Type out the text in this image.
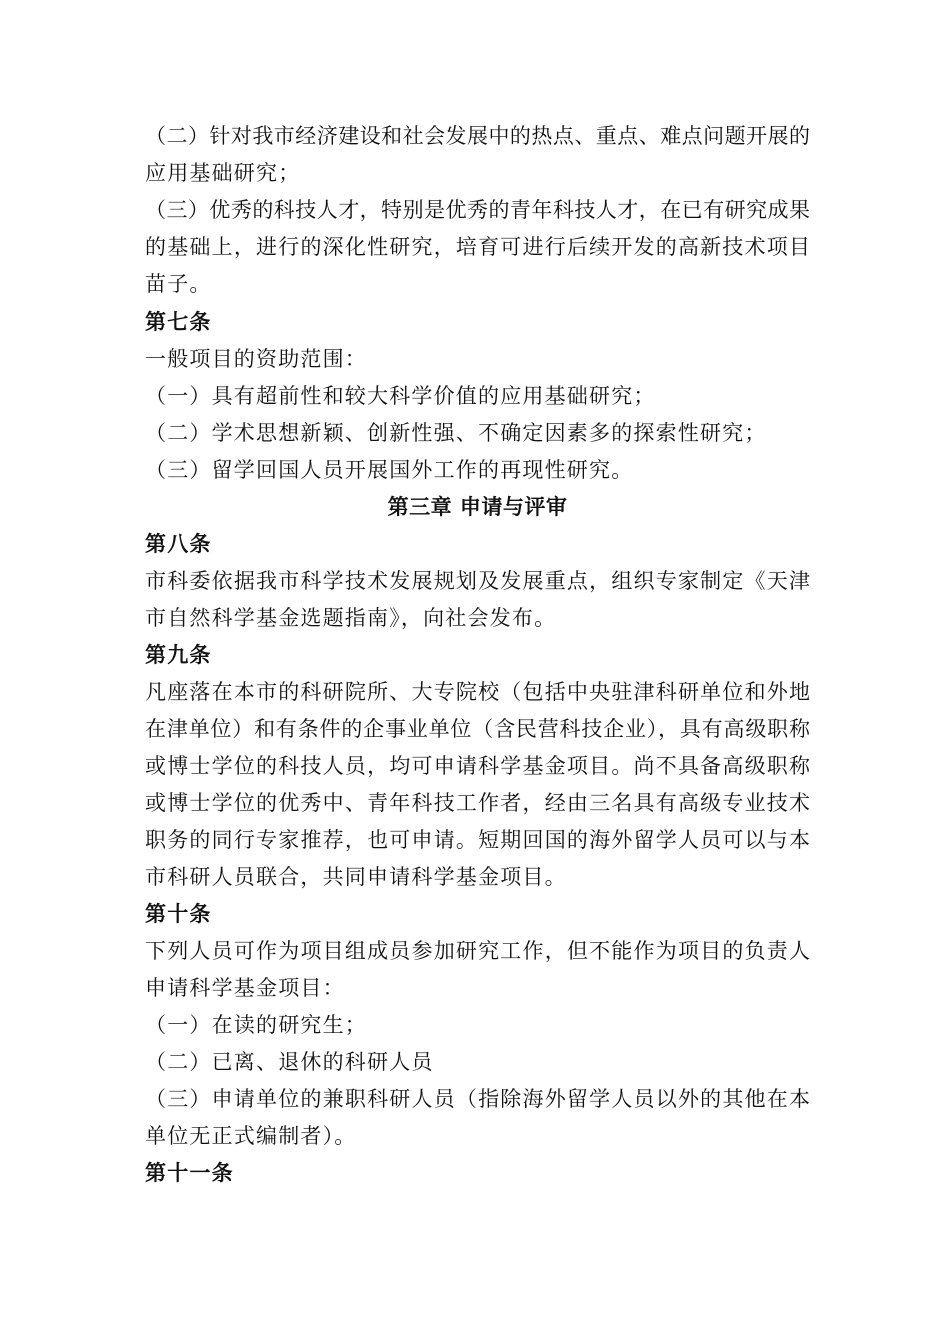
（二）针对我市经济建设和社会发展中的热点、重点、难点问题开展的
应用基础研究；
（三）优秀的科技人才，特别是优秀的青年科技人才，在已有研究成果
的基础上，进行的深化性研究，培育可进行后续开发的高新技术项目
苗子。
第七条
一般项目的资助范围：
（一）具有超前性和较大科学价值的应用基础研究；
（二）学术思想新颖、创新性强、不确定因素多的探索性研究；
（三）留学回国人员开展国外工作的再现性研究。
第三章 申请与评审
第八条
市科委依据我市科学技术发展规划及发展重点，组织专家制定《天津
市自然科学基金选题指南》，向社会发布。
第九条
凡座落在本市的科研院所、大专院校（包括中央驻津科研单位和外地
在津单位）和有条件的企事业单位（含民营科技企业），具有高级职称
或博士学位的科技人员，均可申请科学基金项目。尚不具备高级职称
或博士学位的优秀中、青年科技工作者，经由三名具有高级专业技术
职务的同行专家推荐，也可申请。短期回国的海外留学人员可以与本
市科研人员联合，共同申请科学基金项目。
第十条
下列人员可作为项目组成员参加研究工作，但不能作为项目的负责人
申请科学基金项目：
（一）在读的研究生；
（二）已离、退休的科研人员
（三）申请单位的兼职科研人员（指除海外留学人员以外的其他在本
单位无正式编制者）。
第十一条
